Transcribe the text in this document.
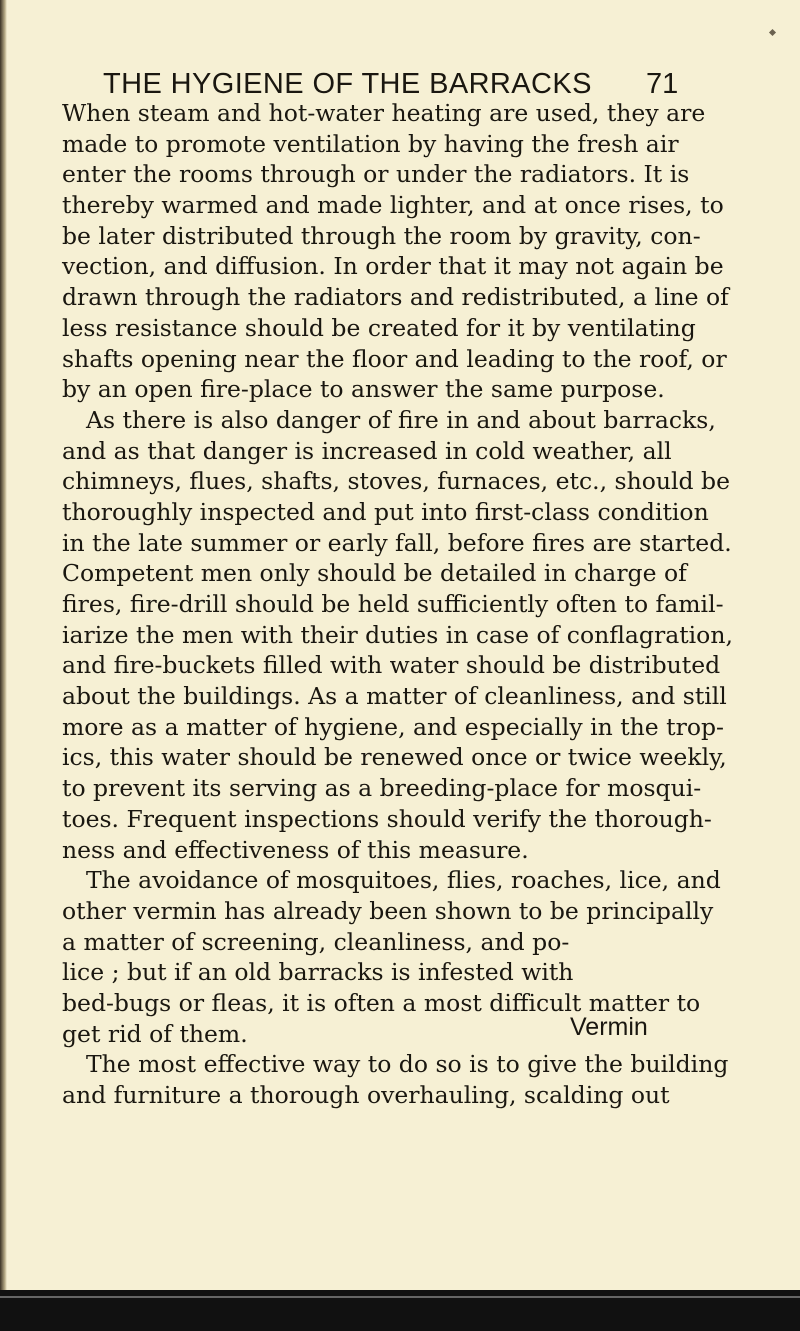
THE HYGIENE OF THE BARRACKS 71
When steam and hot-water heating are used, they are
made to promote ventilation by having the fresh air
enter the rooms through or under the radiators. It is
thereby warmed and made lighter, and at once rises, to
be later distributed through the room by gravity, con-
vection, and diffusion. In order that it may not again be
drawn through the radiators and redistributed, a line of
less resistance should be created for it by ventilating
shafts opening near the floor and leading to the roof, or
by an open fire-place to answer the same purpose.
As there is also danger of fire in and about barracks,
and as that danger is increased in cold weather, all
chimneys, flues, shafts, stoves, furnaces, etc., should be
thoroughly inspected and put into first-class condition
in the late summer or early fall, before fires are started.
Competent men only should be detailed in charge of
fires, fire-drill should be held sufficiently often to famil-
iarize the men with their duties in case of conflagration,
and fire-buckets filled with water should be distributed
about the buildings. As a matter of cleanliness, and still
more as a matter of hygiene, and especially in the trop-
ics, this water should be renewed once or twice weekly,
to prevent its serving as a breeding-place for mosqui-
toes. Frequent inspections should verify the thorough-
ness and effectiveness of this measure.
The avoidance of mosquitoes, flies, roaches, lice, and
other vermin has already been shown to be principally
a matter of screening, cleanliness, and po-
lice ; but if an old barracks is infested with
bed-bugs or fleas, it is often a most difficult matter to
get rid of them.
The most effective way to do so is to give the building
and furniture a thorough overhauling, scalding out
Vermin
